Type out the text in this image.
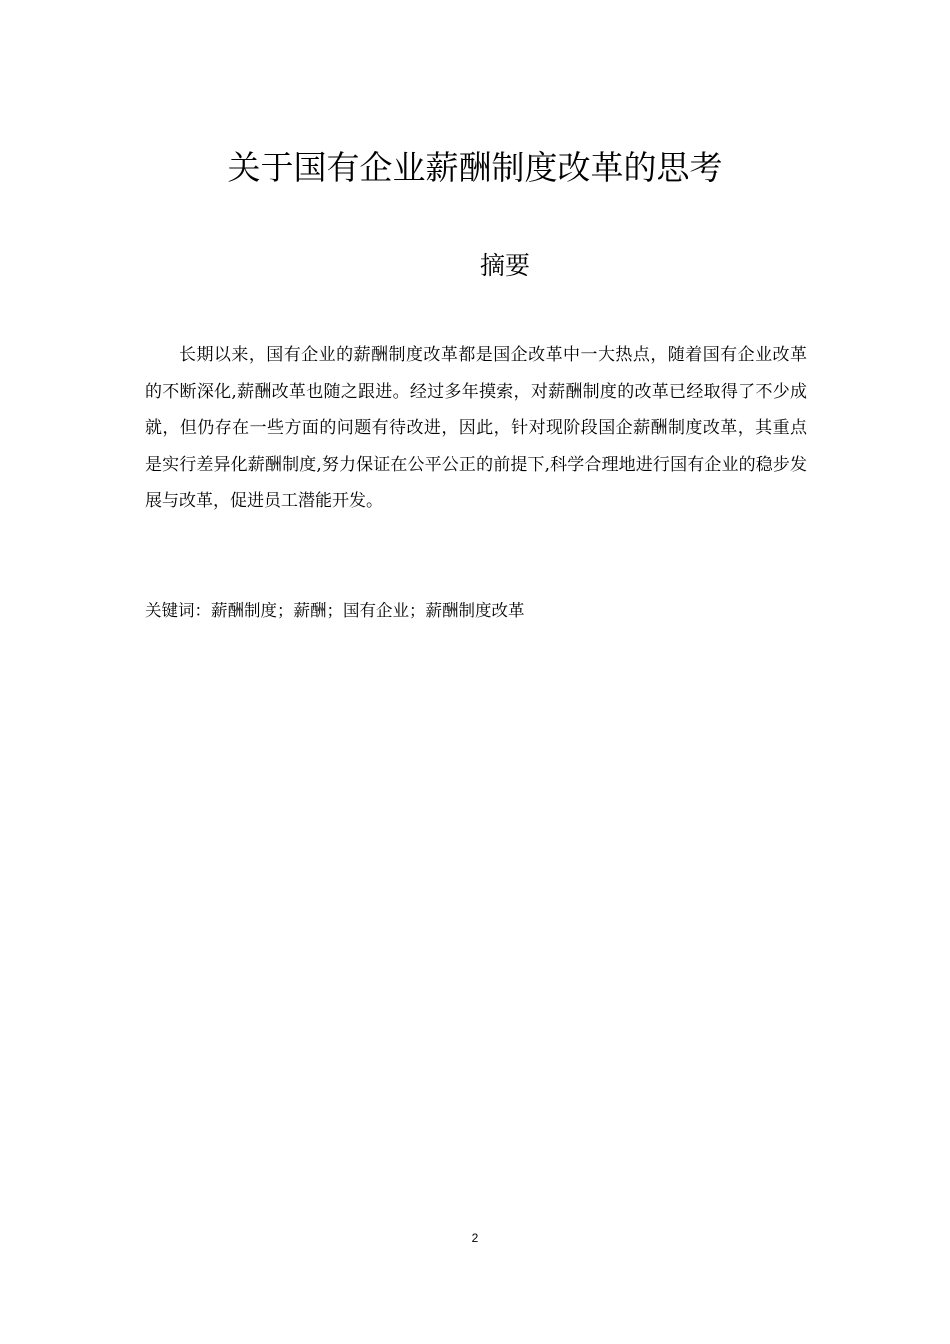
关于国有企业薪酬制度改革的思考
摘要

长期以来，国有企业的薪酬制度改革都是国企改革中一大热点，随着国有企业改革的不断深化,薪酬改革也随之跟进。经过多年摸索，对薪酬制度的改革已经取得了不少成就，但仍存在一些方面的问题有待改进，因此，针对现阶段国企薪酬制度改革，其重点是实行差异化薪酬制度,努力保证在公平公正的前提下,科学合理地进行国有企业的稳步发展与改革，促进员工潜能开发。

关键词：薪酬制度；薪酬；国有企业；薪酬制度改革

2
